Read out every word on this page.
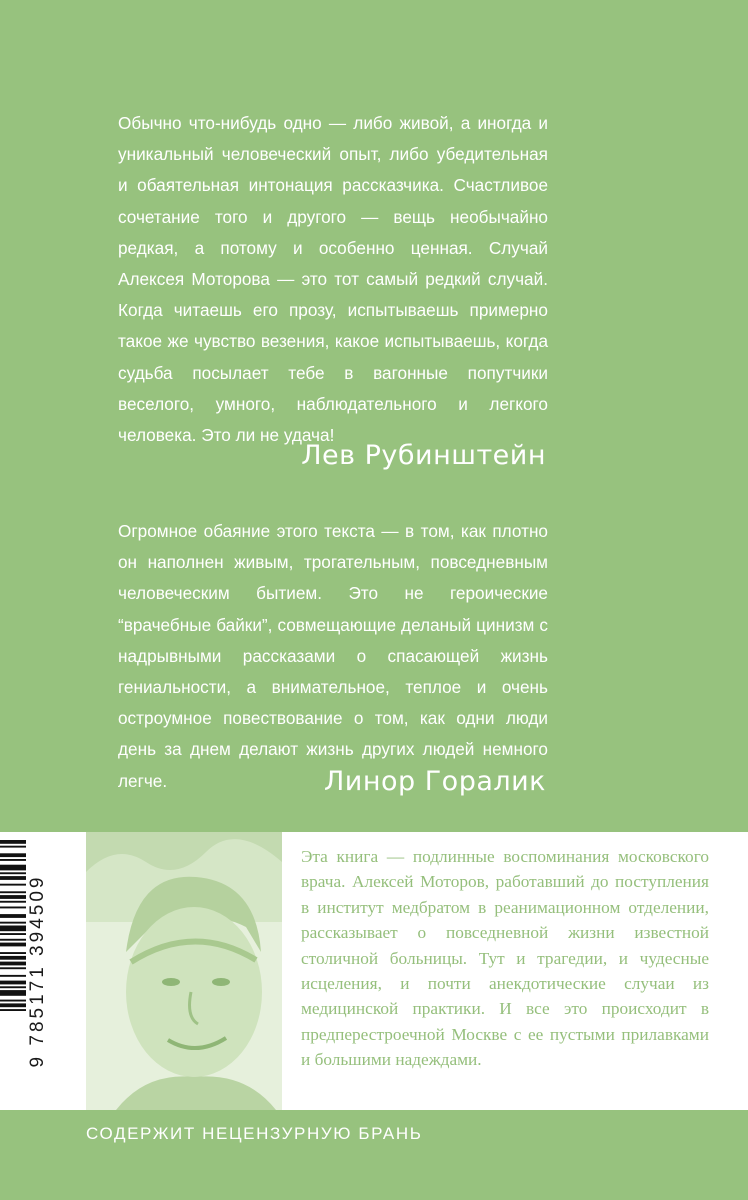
Обычно что-нибудь одно — либо живой, а иногда и уникальный человеческий опыт, либо убедительная и обаятельная интонация рассказчика. Счастливое сочетание того и другого — вещь необычайно редкая, а потому и особенно ценная. Случай Алексея Моторова — это тот самый редкий случай. Когда читаешь его прозу, испытываешь примерно такое же чувство везения, какое испытываешь, когда судьба посылает тебе в вагонные попутчики веселого, умного, наблюдательного и легкого человека. Это ли не удача!

Лев Рубинштейн

Огромное обаяние этого текста — в том, как плотно он наполнен живым, трогательным, повседневным человеческим бытием. Это не героические “врачебные байки”, совмещающие деланый цинизм с надрывными рассказами о спасающей жизнь гениальности, а внимательное, теплое и очень остроумное повествование о том, как одни люди день за днем делают жизнь других людей немного легче.	Линор Горалик

9 785171 394509

Эта книга — подлинные воспоминания московского врача. Алексей Моторов, работавший до поступления в институт медбратом в реанимационном отделении, рассказывает о повседневной жизни известной столичной больницы. Тут и трагедии, и чудесные исцеления, и почти анекдотические случаи из медицинской практики. И все это происходит в предперестроечной Москве с ее пустыми прилавками и большими надеждами.

СОДЕРЖИТ НЕЦЕНЗУРНУЮ БРАНЬ
